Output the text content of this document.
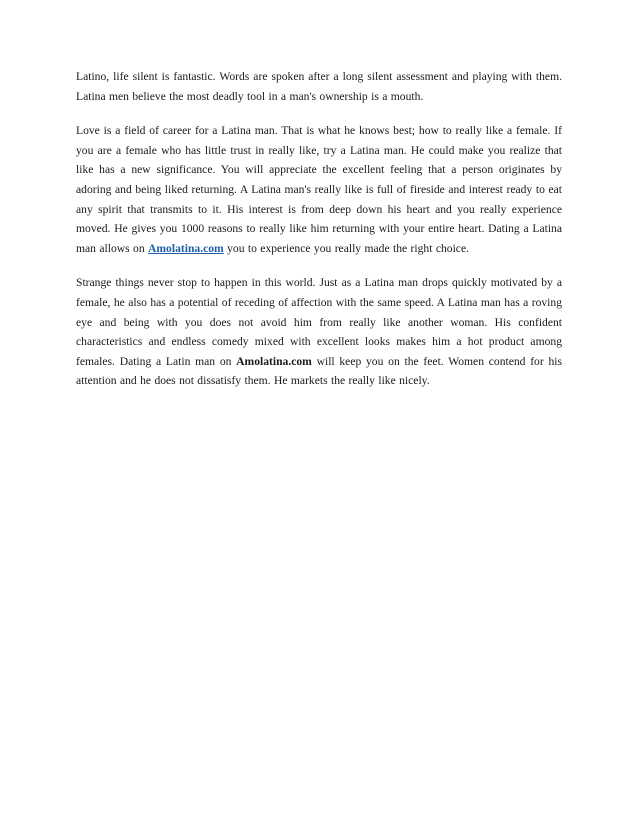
Latino, life silent is fantastic. Words are spoken after a long silent assessment and playing with them. Latina men believe the most deadly tool in a man's ownership is a mouth.

Love is a field of career for a Latina man. That is what he knows best; how to really like a female. If you are a female who has little trust in really like, try a Latina man. He could make you realize that like has a new significance. You will appreciate the excellent feeling that a person originates by adoring and being liked returning. A Latina man's really like is full of fireside and interest ready to eat any spirit that transmits to it. His interest is from deep down his heart and you really experience moved. He gives you 1000 reasons to really like him returning with your entire heart. Dating a Latina man allows on Amolatina.com you to experience you really made the right choice.

Strange things never stop to happen in this world. Just as a Latina man drops quickly motivated by a female, he also has a potential of receding of affection with the same speed. A Latina man has a roving eye and being with you does not avoid him from really like another woman. His confident characteristics and endless comedy mixed with excellent looks makes him a hot product among females. Dating a Latin man on Amolatina.com will keep you on the feet. Women contend for his attention and he does not dissatisfy them. He markets the really like nicely.
